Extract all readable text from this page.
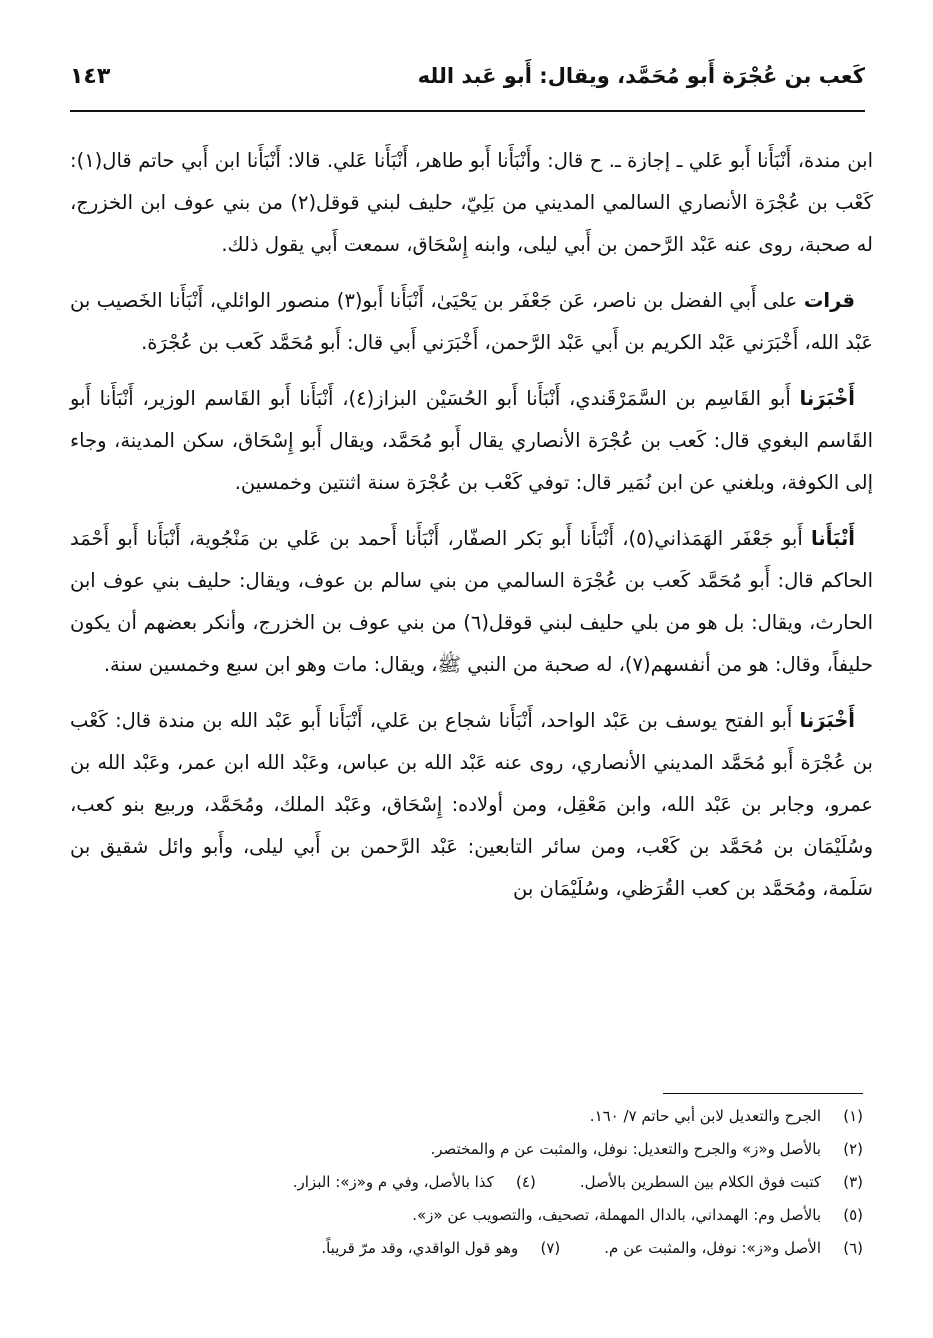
كَعب بن عُجْرَة أَبو مُحَمَّد، ويقال: أَبو عَبد الله
١٤٣

ابن مندة، أَنْبَأَنا أَبو عَلي ـ إجازة ـ. ح قال: وأَنْبَأَنا أَبو طاهر، أَنْبَأَنا عَلي. قالا: أَنْبَأَنا ابن أَبي حاتم قال(١): كَعْب بن عُجْرَة الأنصاري السالمي المديني من بَلِيّ، حليف لبني قوقل(٢) من بني عوف ابن الخزرج، له صحبة، روى عنه عَبْد الرَّحمن بن أَبي ليلى، وابنه إِسْحَاق، سمعت أَبي يقول ذلك.

قرات على أَبي الفضل بن ناصر، عَن جَعْفَر بن يَحْيَىٰ، أَنْبَأَنا أَبو(٣) منصور الوائلي، أَنْبَأَنا الخَصيب بن عَبْد الله، أَخْبَرَني عَبْد الكريم بن أَبي عَبْد الرَّحمن، أَخْبَرَني أَبي قال: أَبو مُحَمَّد كَعب بن عُجْرَة.

أَخْبَرَنا أَبو القَاسِم بن السَّمَرْقَندي، أَنْبَأَنا أَبو الحُسَيْن البزاز(٤)، أَنْبَأَنا أَبو القَاسم الوزير، أَنْبَأَنا أَبو القَاسم البغوي قال: كَعب بن عُجْرَة الأنصاري يقال أَبو مُحَمَّد، ويقال أَبو إِسْحَاق، سكن المدينة، وجاء إلى الكوفة، وبلغني عن ابن نُمَير قال: توفي كَعْب بن عُجْرَة سنة اثنتين وخمسين.

أَنْبَأَنا أَبو جَعْفَر الهَمَذاني(٥)، أَنْبَأَنا أَبو بَكر الصفّار، أَنْبَأَنا أَحمد بن عَلي بن مَنْجُوية، أَنْبَأَنا أَبو أَحْمَد الحاكم قال: أَبو مُحَمَّد كَعب بن عُجْرَة السالمي من بني سالم بن عوف، ويقال: حليف بني عوف ابن الحارث، ويقال: بل هو من بلي حليف لبني قوقل(٦) من بني عوف بن الخزرج، وأنكر بعضهم أن يكون حليفاً، وقال: هو من أنفسهم(٧)، له صحبة من النبي ﷺ، ويقال: مات وهو ابن سبع وخمسين سنة.

أَخْبَرَنا أَبو الفتح يوسف بن عَبْد الواحد، أَنْبَأَنا شجاع بن عَلي، أَنْبَأَنا أَبو عَبْد الله بن مندة قال: كَعْب بن عُجْرَة أَبو مُحَمَّد المديني الأنصاري، روى عنه عَبْد الله بن عباس، وعَبْد الله ابن عمر، وعَبْد الله بن عمرو، وجابر بن عَبْد الله، وابن مَعْقِل، ومن أولاده: إِسْحَاق، وعَبْد الملك، ومُحَمَّد، وربيع بنو كعب، وسُلَيْمَان بن مُحَمَّد بن كَعْب، ومن سائر التابعين: عَبْد الرَّحمن بن أَبي ليلى، وأَبو وائل شقيق بن سَلَمة، ومُحَمَّد بن كعب القُرَظي، وسُلَيْمَان بن

(١)
الجرح والتعديل لابن أبي حاتم ٧/ ١٦٠.
(٢)
بالأصل و«ز» والجرح والتعديل: نوفل، والمثبت عن م والمختصر.
(٣)
كتبت فوق الكلام بين السطرين بالأصل.
(٤)
كذا بالأصل، وفي م و«ز»: البزار.
(٥)
بالأصل وم: الهمداني، بالدال المهملة، تصحيف، والتصويب عن «ز».
(٦)
الأصل و«ز»: نوفل، والمثبت عن م.
(٧)
وهو قول الواقدي، وقد مرّ قريباً.
